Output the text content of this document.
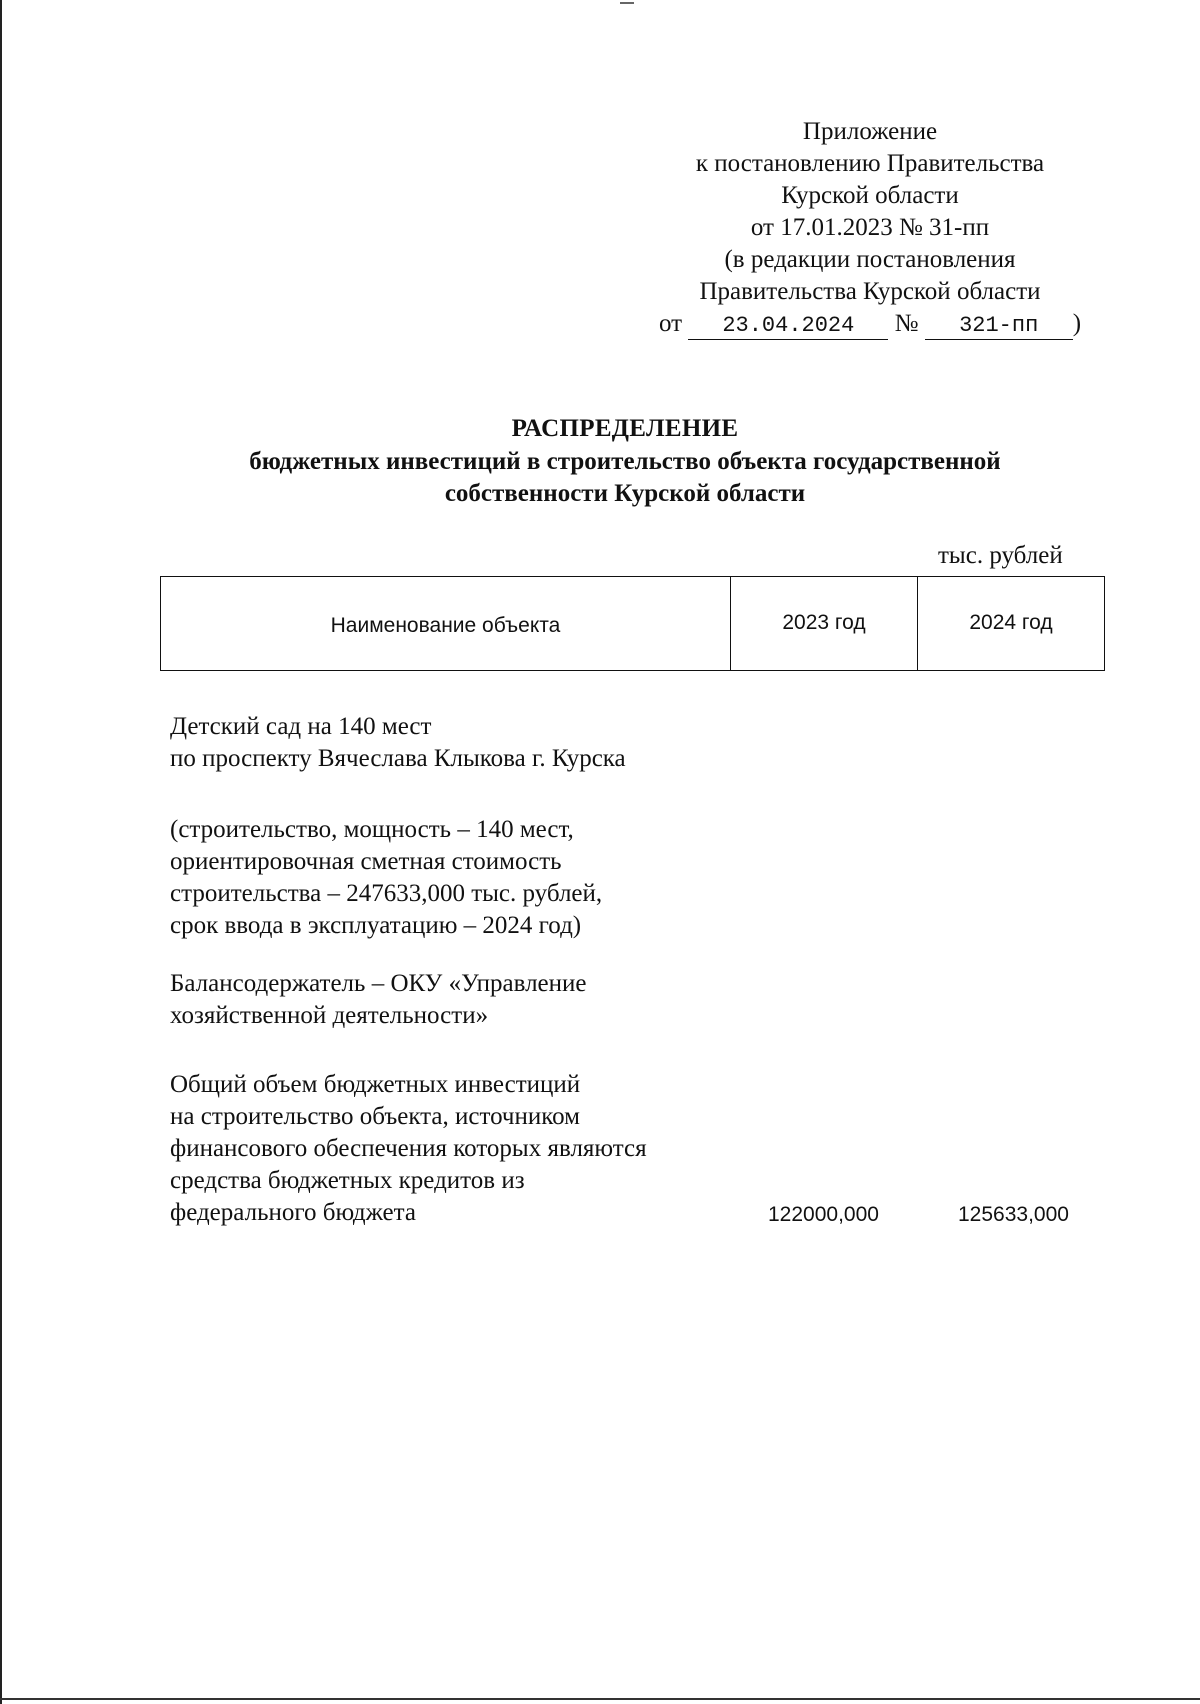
Приложение
к постановлению Правительства
Курской области
от 17.01.2023 № 31-пп
(в редакции постановления
Правительства Курской области
от 23.04.2024 № 321-пп )
РАСПРЕДЕЛЕНИЕ
бюджетных инвестиций в строительство объекта государственной
собственности Курской области
тыс. рублей
Наименование объекта	2023 год	2024 год
Детский сад на 140 мест
по проспекту Вячеслава Клыкова г. Курска
(строительство, мощность – 140 мест,
ориентировочная сметная стоимость
строительства – 247633,000 тыс. рублей,
срок ввода в эксплуатацию – 2024 год)
Балансодержатель – ОКУ «Управление
хозяйственной деятельности»
Общий объем бюджетных инвестиций
на строительство объекта, источником
финансового обеспечения которых являются
средства бюджетных кредитов из
федерального бюджета	122000,000	125633,000
